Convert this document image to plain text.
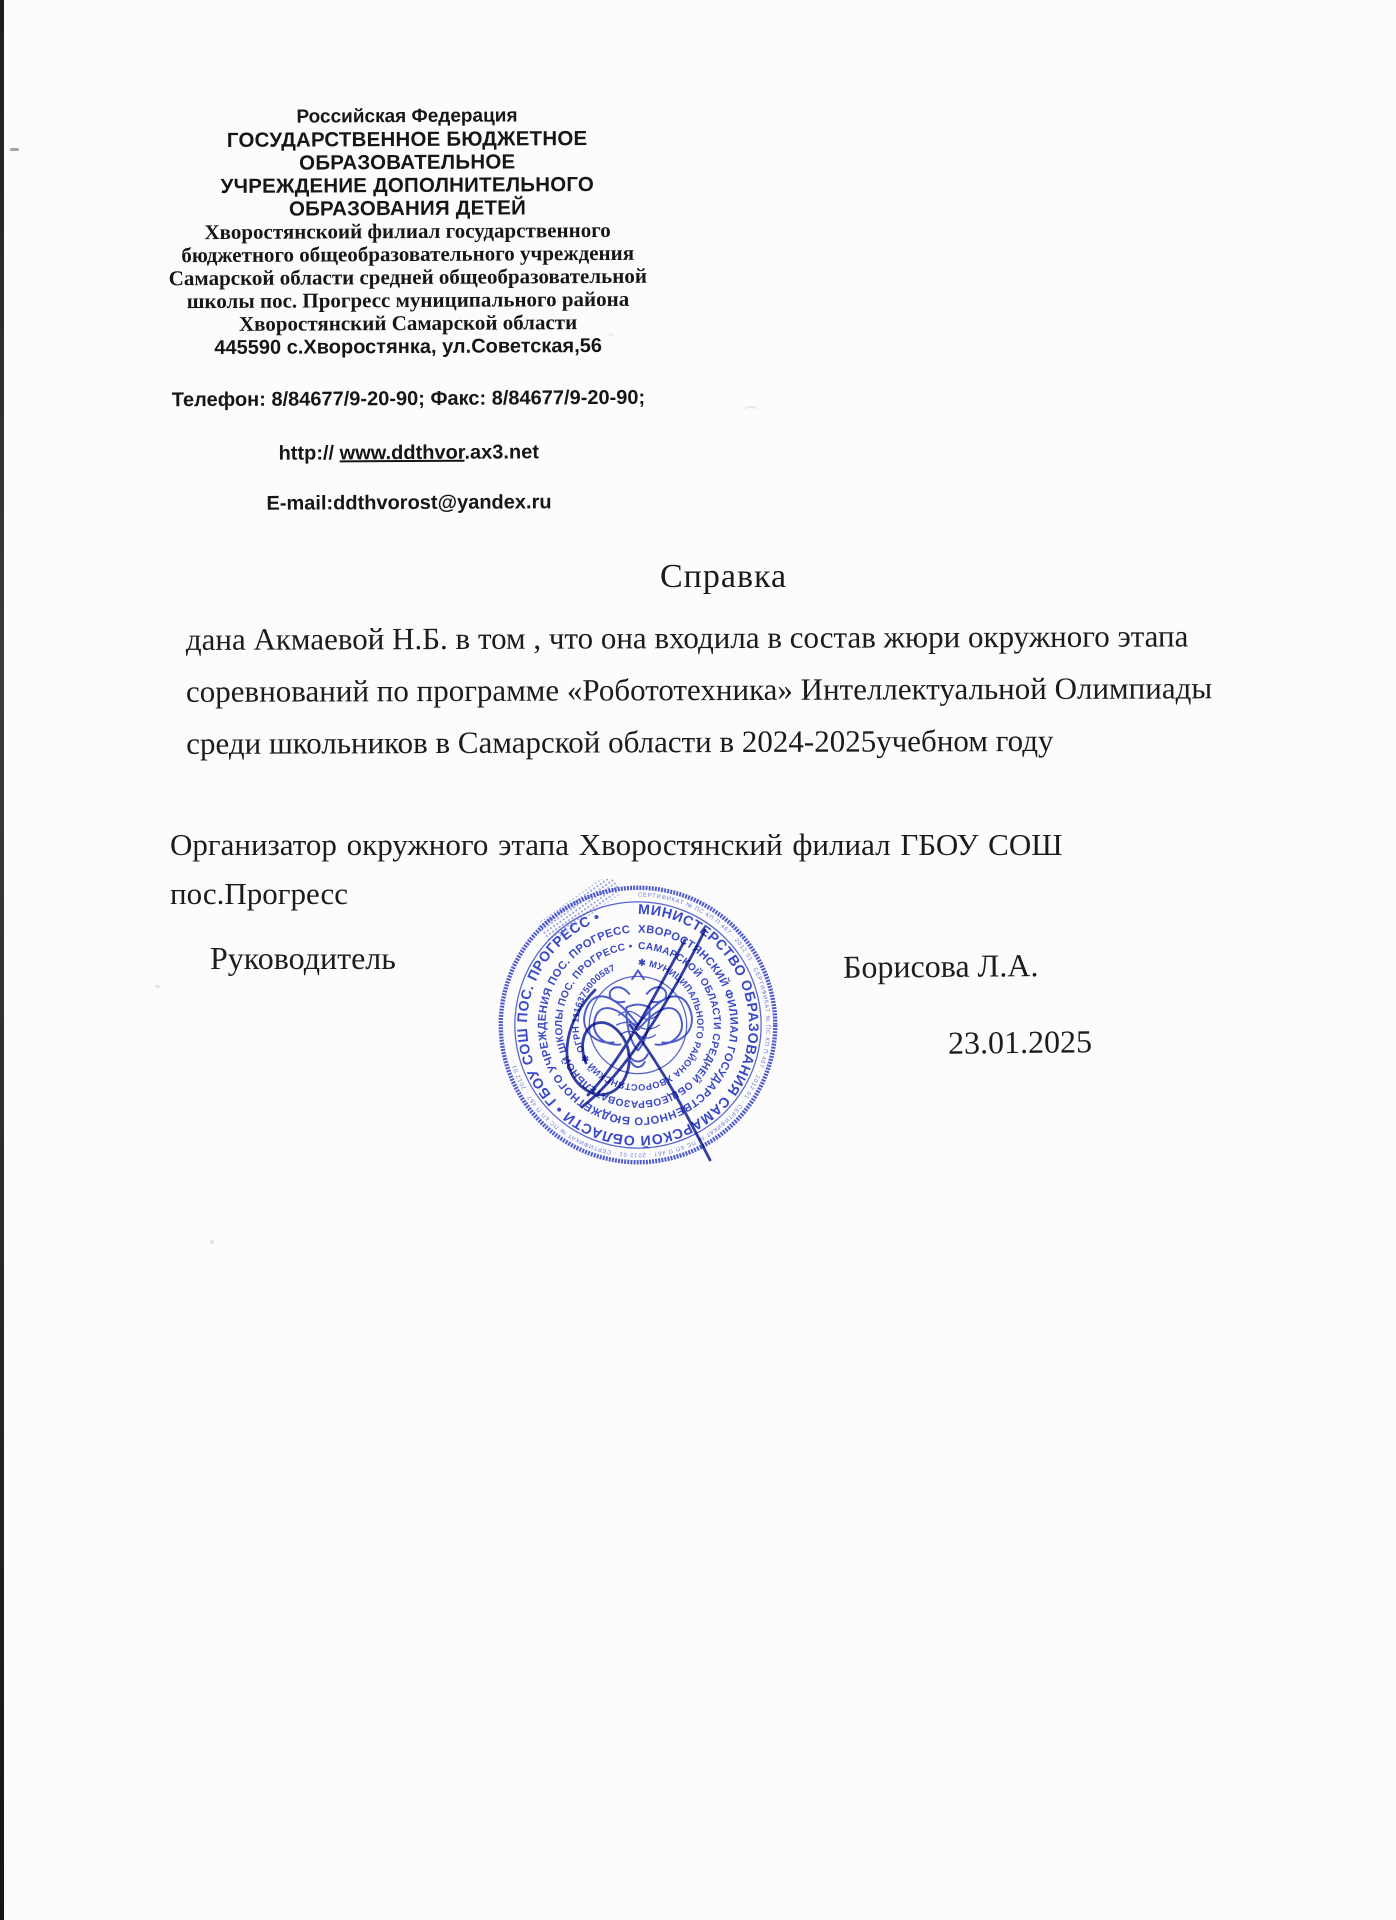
Российская Федерация
ГОСУДАРСТВЕННОЕ БЮДЖЕТНОЕ ОБРАЗОВАТЕЛЬНОЕ
УЧРЕЖДЕНИЕ ДОПОЛНИТЕЛЬНОГО ОБРАЗОВАНИЯ ДЕТЕЙ
Хворостянскоий филиал государственного
бюджетного общеобразовательного учреждения
Самарской области средней общеобразовательной
школы пос. Прогресс муниципального района
Хворостянский Самарской области
445590 с.Хворостянка, ул.Советская,56
Телефон: 8/84677/9-20-90; Факс: 8/84677/9-20-90;
http:// www.ddthvor.ax3.net
E-mail:ddthvorost@yandex.ru
Справка
дана Акмаевой Н.Б. в том , что она входила в состав жюри окружного этапа
соревнований по программе «Робототехника» Интеллектуальной Олимпиады
среди школьников в Самарской области в 2024-2025учебном году
Организатор окружного этапа Хворостянский филиал ГБОУ СОШ
пос.Прогресс
Руководитель	Борисова Л.А.
23.01.2025
СЕРТИФИКАТ № ПС КП П 467 · 2012 01 · СЕРТИФИКАТ № ПС КП П 467 · 2012 01 · СЕРТИФИКАТ № ПС КП П 467 · 2012 01 · СЕРТИФИКАТ № ПС КП П 467 · 2012 01 ·
МИНИСТЕРСТВО ОБРАЗОВАНИЯ САМАРСКОЙ ОБЛАСТИ • ГБОУ СОШ ПОС. ПРОГРЕСС •
ХВОРОСТЯНСКИЙ ФИЛИАЛ ГОСУДАРСТВЕННОГО БЮДЖЕТНОГО УЧРЕЖДЕНИЯ ПОС. ПРОГРЕСС
САМАРСКОЙ ОБЛАСТИ СРЕДНЕЙ ОБЩЕОБРАЗОВАТЕЛЬНОЙ ШКОЛЫ ПОС. ПРОГРЕСС •
✱ МУНИЦИПАЛЬНОГО РАЙОНА ХВОРОСТЯНСКИЙ ✱ ОГРН 1116375000587
